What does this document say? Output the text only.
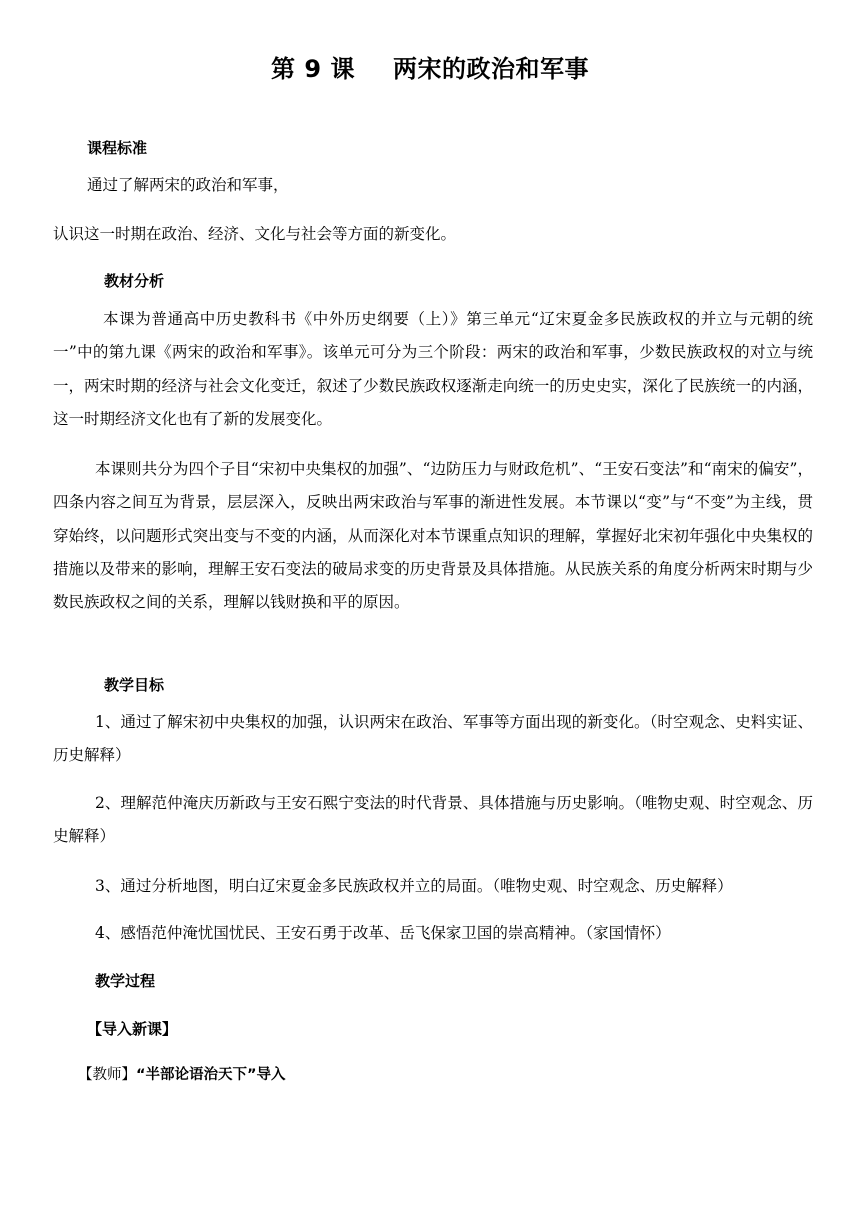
第 9 课 两宋的政治和军事
课程标准
通过了解两宋的政治和军事，
认识这一时期在政治、经济、文化与社会等方面的新变化。
教材分析
本课为普通高中历史教科书《中外历史纲要（上）》第三单元“辽宋夏金多民族政权的并立与元朝的统一”中的第九课《两宋的政治和军事》。该单元可分为三个阶段：两宋的政治和军事，少数民族政权的对立与统一，两宋时期的经济与社会文化变迁，叙述了少数民族政权逐渐走向统一的历史史实，深化了民族统一的内涵，这一时期经济文化也有了新的发展变化。
本课则共分为四个子目“宋初中央集权的加强”、“边防压力与财政危机”、“王安石变法”和“南宋的偏安”，四条内容之间互为背景，层层深入，反映出两宋政治与军事的渐进性发展。本节课以“变”与“不变”为主线，贯穿始终，以问题形式突出变与不变的内涵，从而深化对本节课重点知识的理解，掌握好北宋初年强化中央集权的措施以及带来的影响，理解王安石变法的破局求变的历史背景及具体措施。从民族关系的角度分析两宋时期与少数民族政权之间的关系，理解以钱财换和平的原因。
教学目标
1、通过了解宋初中央集权的加强，认识两宋在政治、军事等方面出现的新变化。（时空观念、史料实证、历史解释）
2、理解范仲淹庆历新政与王安石熙宁变法的时代背景、具体措施与历史影响。（唯物史观、时空观念、历史解释）
3、通过分析地图，明白辽宋夏金多民族政权并立的局面。（唯物史观、时空观念、历史解释）
4、感悟范仲淹忧国忧民、王安石勇于改革、岳飞保家卫国的崇高精神。（家国情怀）
教学过程
【导入新课】
【教师】“半部论语治天下”导入
